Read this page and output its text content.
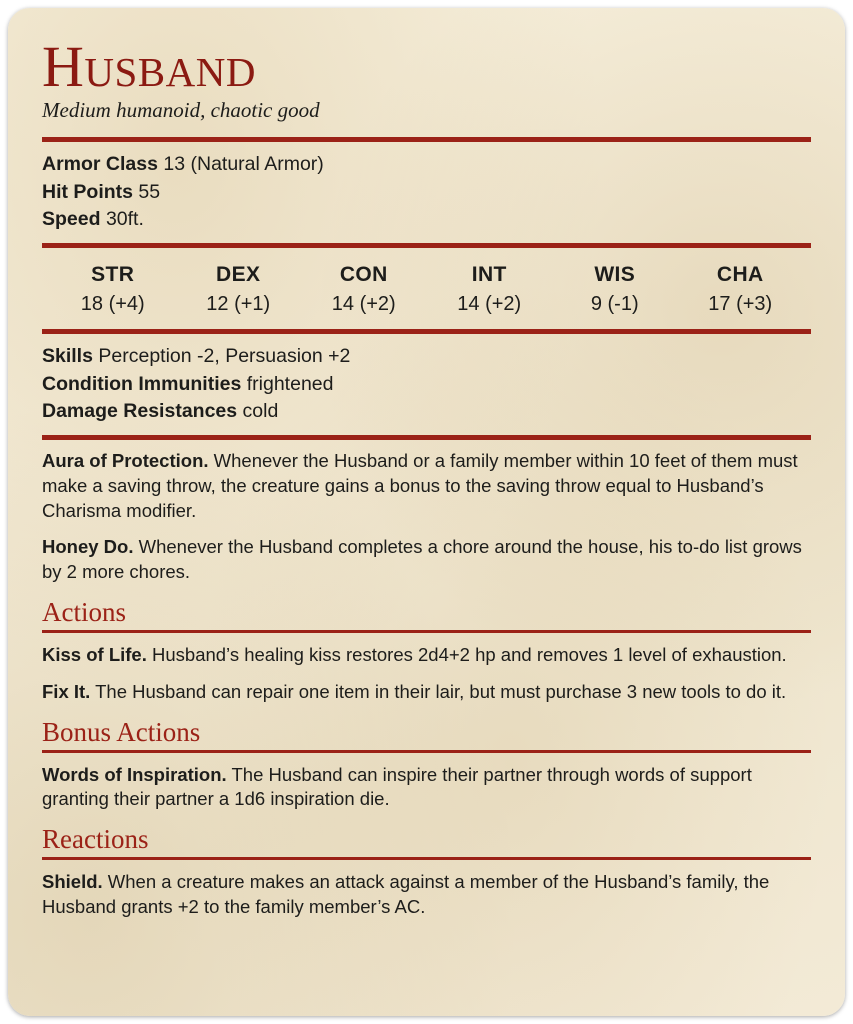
Husband
Medium humanoid, chaotic good
Armor Class 13 (Natural Armor)
Hit Points 55
Speed 30ft.
STR
18 (+4)
DEX
12 (+1)
CON
14 (+2)
INT
14 (+2)
WIS
9 (-1)
CHA
17 (+3)
Skills Perception -2, Persuasion +2
Condition Immunities frightened
Damage Resistances cold

Aura of Protection. Whenever the Husband or a family member within 10 feet of them must make a saving throw, the creature gains a bonus to the saving throw equal to Husband’s Charisma modifier.

Honey Do. Whenever the Husband completes a chore around the house, his to-do list grows by 2 more chores.

Actions

Kiss of Life. Husband’s healing kiss restores 2d4+2 hp and removes 1 level of exhaustion.

Fix It. The Husband can repair one item in their lair, but must purchase 3 new tools to do it.

Bonus Actions

Words of Inspiration. The Husband can inspire their partner through words of support granting their partner a 1d6 inspiration die.

Reactions

Shield. When a creature makes an attack against a member of the Husband’s family, the Husband grants +2 to the family member’s AC.
